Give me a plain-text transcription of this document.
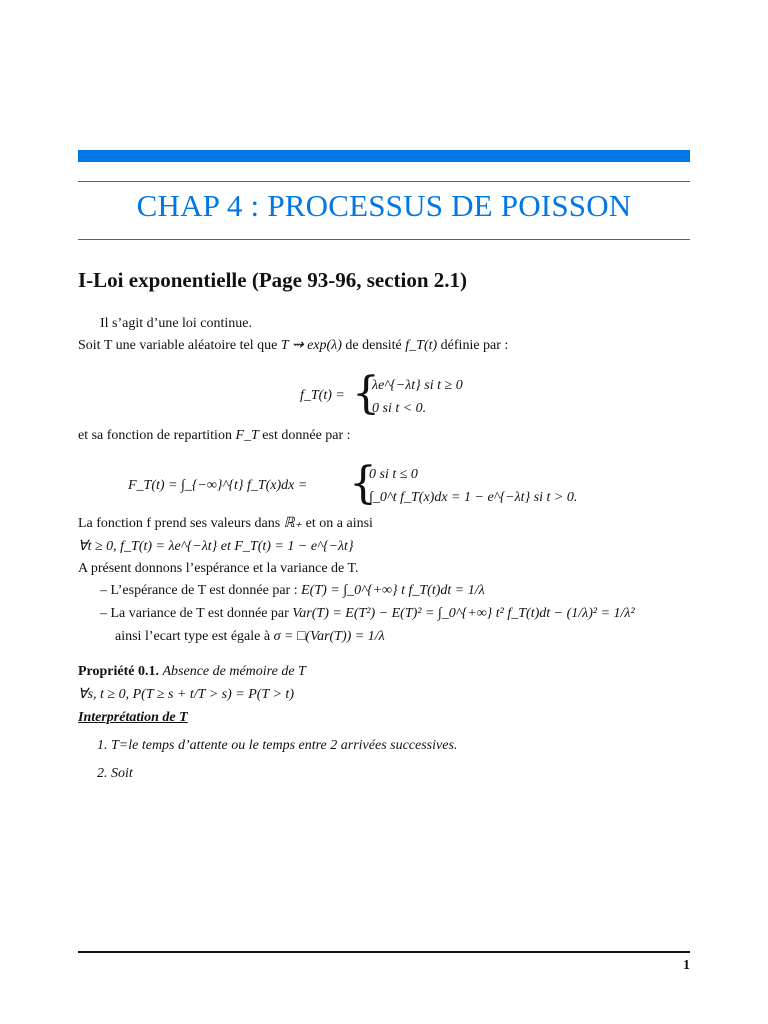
CHAP 4 : PROCESSUS DE POISSON
I-Loi exponentielle (Page 93-96, section 2.1)
Il s’agit d’une loi continue.
Soit T une variable aléatoire tel que T ⇝ exp(λ) de densité f_T(t) définie par :
f_T(t) = {
λe^{−λt} si t ≥ 0
0 si t < 0.
et sa fonction de repartition F_T est donnée par :
F_T(t) = ∫_{−∞}^{t} f_T(x)dx = {
0 si t ≤ 0
∫_0^t f_T(x)dx = 1 − e^{−λt} si t > 0.
La fonction f prend ses valeurs dans ℝ₊ et on a ainsi
∀t ≥ 0, f_T(t) = λe^{−λt} et F_T(t) = 1 − e^{−λt}
A présent donnons l’espérance et la variance de T.
– L’espérance de T est donnée par : E(T) = ∫_0^{+∞} t f_T(t)dt = 1/λ
– La variance de T est donnée par Var(T) = E(T²) − E(T)² = ∫_0^{+∞} t² f_T(t)dt − (1/λ)² = 1/λ²
ainsi l’ecart type est égale à σ = □(Var(T)) = 1/λ
Propriété 0.1. Absence de mémoire de T
∀s, t ≥ 0, P(T ≥ s + t/T > s) = P(T > t)
Interprétation de T
1. T=le temps d’attente ou le temps entre 2 arrivées successives.
2. Soit
1
